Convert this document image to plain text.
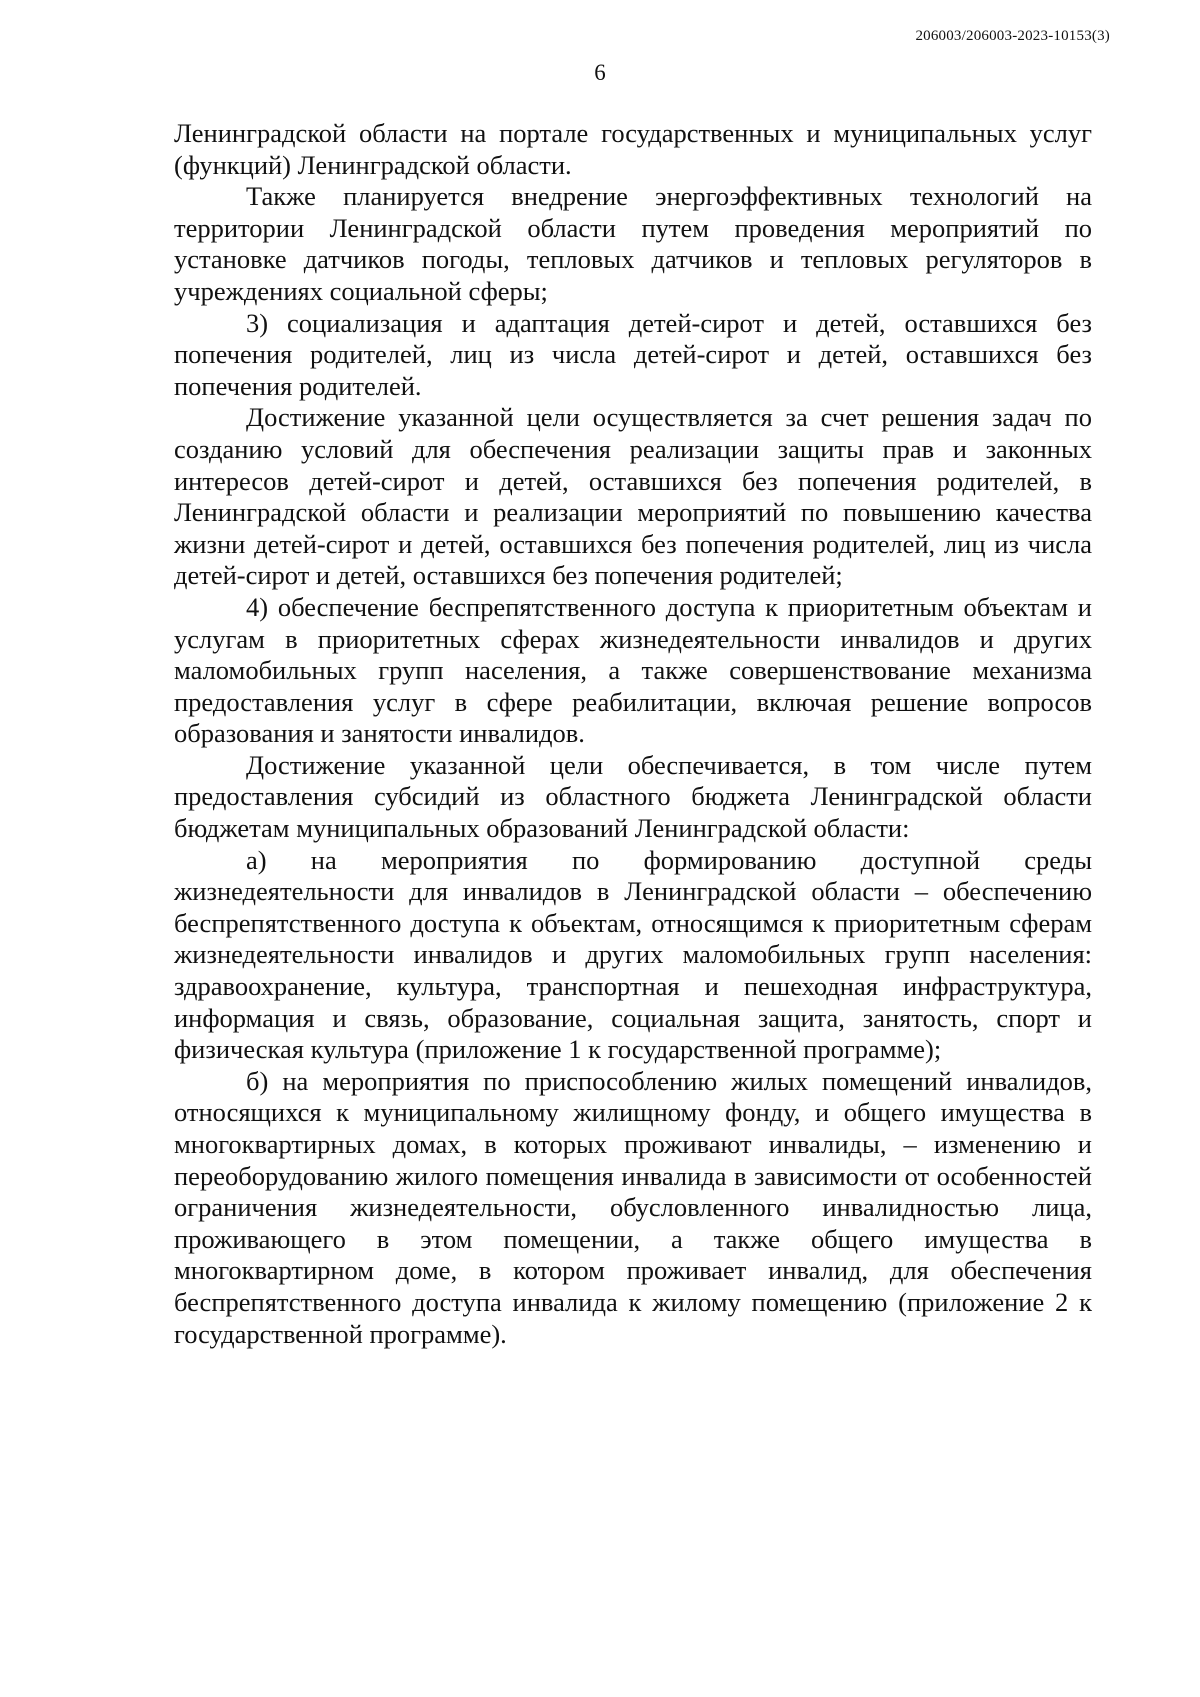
206003/206003-2023-10153(3)
6

Ленинградской области на портале государственных и муниципальных услуг (функций) Ленинградской области.

Также планируется внедрение энергоэффективных технологий на территории Ленинградской области путем проведения мероприятий по установке датчиков погоды, тепловых датчиков и тепловых регуляторов в учреждениях социальной сферы;

3) социализация и адаптация детей-сирот и детей, оставшихся без попечения родителей, лиц из числа детей-сирот и детей, оставшихся без попечения родителей.

Достижение указанной цели осуществляется за счет решения задач по созданию условий для обеспечения реализации защиты прав и законных интересов детей-сирот и детей, оставшихся без попечения родителей, в Ленинградской области и реализации мероприятий по повышению качества жизни детей-сирот и детей, оставшихся без попечения родителей, лиц из числа детей-сирот и детей, оставшихся без попечения родителей;

4) обеспечение беспрепятственного доступа к приоритетным объектам и услугам в приоритетных сферах жизнедеятельности инвалидов и других маломобильных групп населения, а также совершенствование механизма предоставления услуг в сфере реабилитации, включая решение вопросов образования и занятости инвалидов.

Достижение указанной цели обеспечивается, в том числе путем предоставления субсидий из областного бюджета Ленинградской области бюджетам муниципальных образований Ленинградской области:

а) на мероприятия по формированию доступной среды жизнедеятельности для инвалидов в Ленинградской области – обеспечению беспрепятственного доступа к объектам, относящимся к приоритетным сферам жизнедеятельности инвалидов и других маломобильных групп населения: здравоохранение, культура, транспортная и пешеходная инфраструктура, информация и связь, образование, социальная защита, занятость, спорт и физическая культура (приложение 1 к государственной программе);

б) на мероприятия по приспособлению жилых помещений инвалидов, относящихся к муниципальному жилищному фонду, и общего имущества в многоквартирных домах, в которых проживают инвалиды, – изменению и переоборудованию жилого помещения инвалида в зависимости от особенностей ограничения жизнедеятельности, обусловленного инвалидностью лица, проживающего в этом помещении, а также общего имущества в многоквартирном доме, в котором проживает инвалид, для обеспечения беспрепятственного доступа инвалида к жилому помещению (приложение 2 к государственной программе).
